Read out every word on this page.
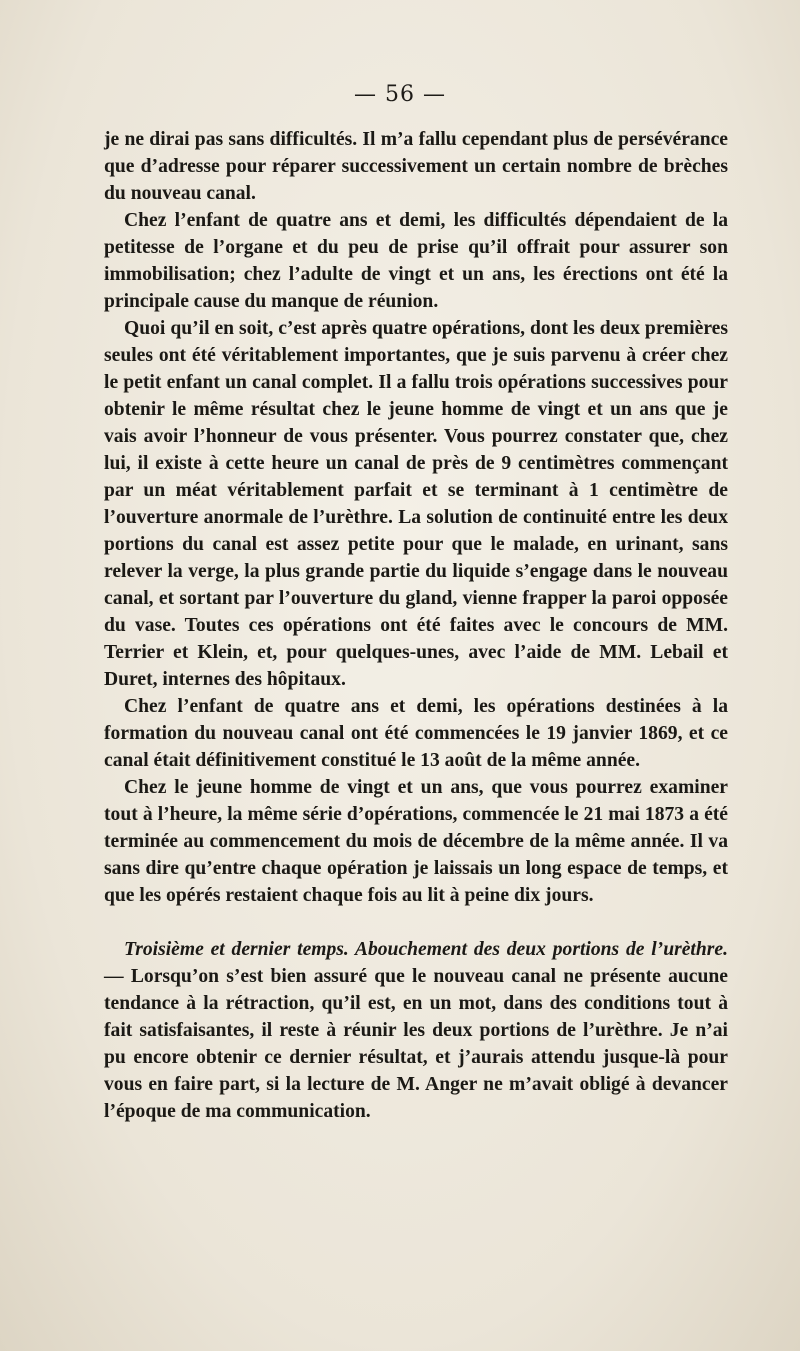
— 56 —

je ne dirai pas sans difficultés. Il m’a fallu cependant plus de persévérance que d’adresse pour réparer successivement un certain nombre de brèches du nouveau canal.

Chez l’enfant de quatre ans et demi, les difficultés dépendaient de la petitesse de l’organe et du peu de prise qu’il offrait pour assurer son immobilisation; chez l’adulte de vingt et un ans, les érections ont été la principale cause du manque de réunion.

Quoi qu’il en soit, c’est après quatre opérations, dont les deux premières seules ont été véritablement importantes, que je suis parvenu à créer chez le petit enfant un canal complet. Il a fallu trois opérations successives pour obtenir le même résultat chez le jeune homme de vingt et un ans que je vais avoir l’honneur de vous présenter. Vous pourrez constater que, chez lui, il existe à cette heure un canal de près de 9 centimètres commençant par un méat véritablement parfait et se terminant à 1 centimètre de l’ouverture anormale de l’urèthre. La solution de continuité entre les deux portions du canal est assez petite pour que le malade, en urinant, sans relever la verge, la plus grande partie du liquide s’engage dans le nouveau canal, et sortant par l’ouverture du gland, vienne frapper la paroi opposée du vase. Toutes ces opérations ont été faites avec le concours de MM. Terrier et Klein, et, pour quelques-unes, avec l’aide de MM. Lebail et Duret, internes des hôpitaux.

Chez l’enfant de quatre ans et demi, les opérations destinées à la formation du nouveau canal ont été commencées le 19 janvier 1869, et ce canal était définitivement constitué le 13 août de la même année.

Chez le jeune homme de vingt et un ans, que vous pourrez examiner tout à l’heure, la même série d’opérations, commencée le 21 mai 1873 a été terminée au commencement du mois de décembre de la même année. Il va sans dire qu’entre chaque opération je laissais un long espace de temps, et que les opérés restaient chaque fois au lit à peine dix jours.

Troisième et dernier temps. Abouchement des deux portions de l’urèthre. — Lorsqu’on s’est bien assuré que le nouveau canal ne présente aucune tendance à la rétraction, qu’il est, en un mot, dans des conditions tout à fait satisfaisantes, il reste à réunir les deux portions de l’urèthre. Je n’ai pu encore obtenir ce dernier résultat, et j’aurais attendu jusque-là pour vous en faire part, si la lecture de M. Anger ne m’avait obligé à devancer l’époque de ma communication.
